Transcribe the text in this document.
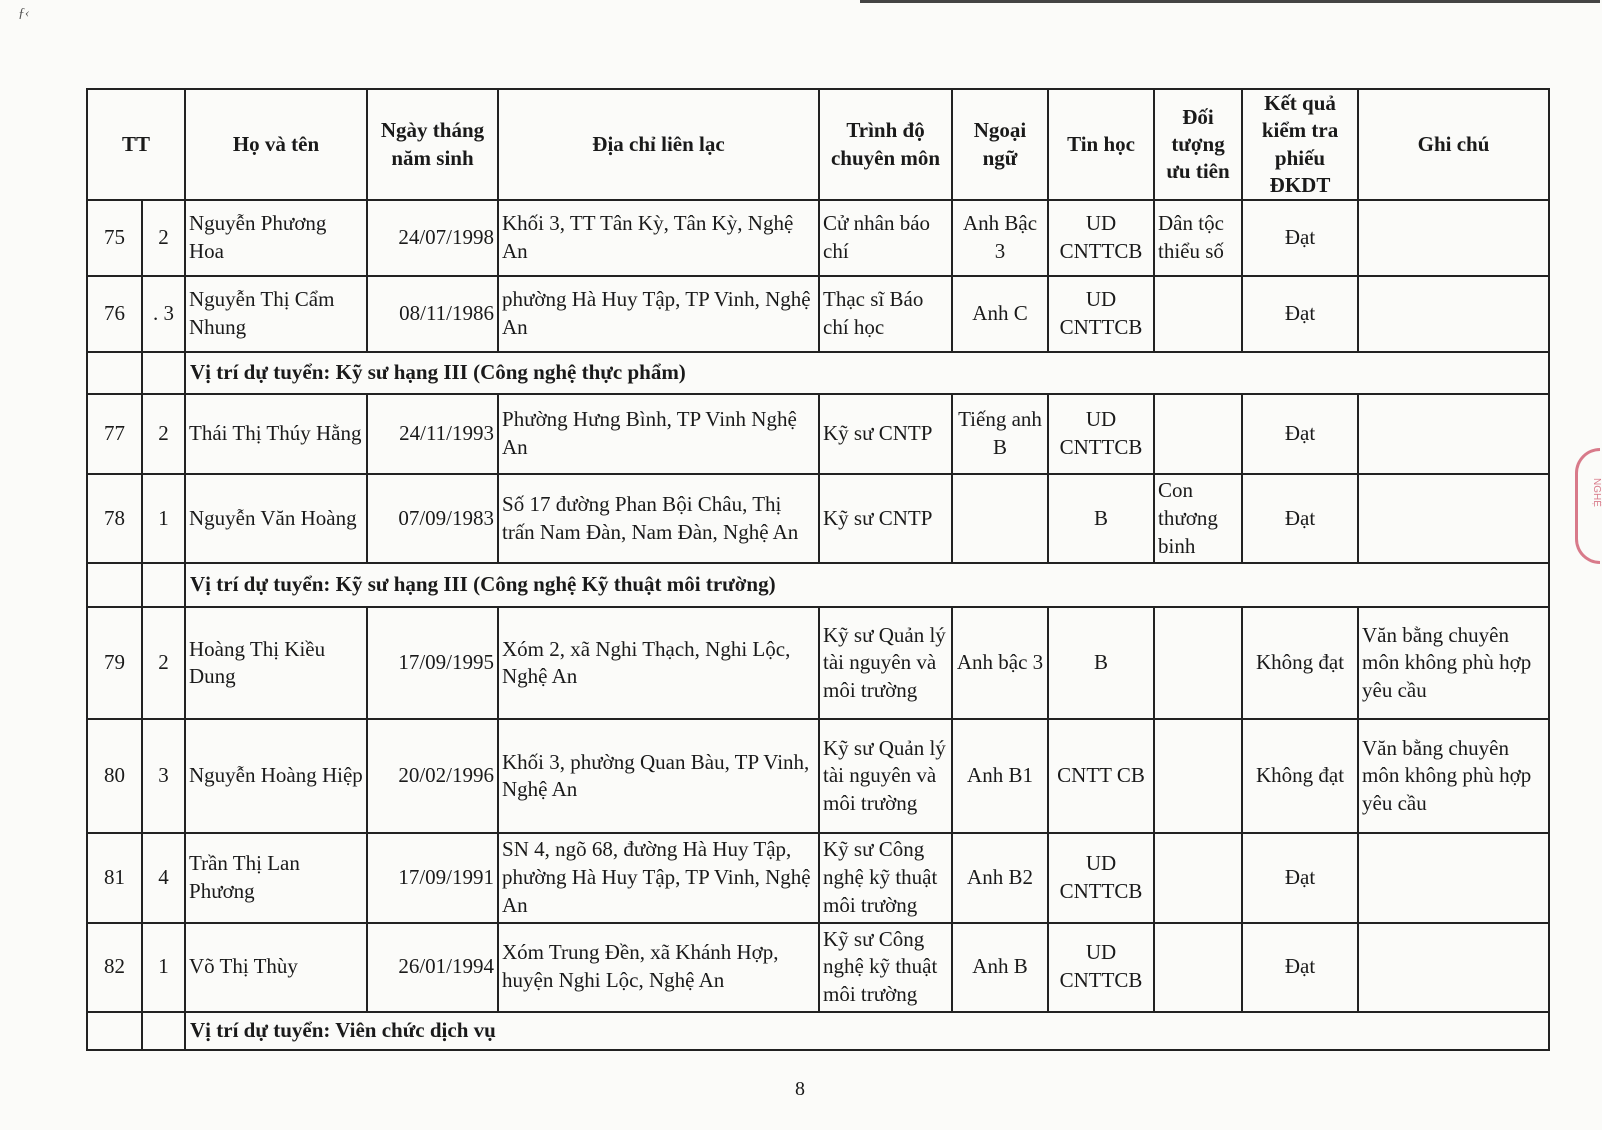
ƒ‹
NGHỆ
TT		Họ và tên	Ngày tháng năm sinh	Địa chỉ liên lạc	Trình độ chuyên môn	Ngoại ngữ	Tin học	Đối tượng ưu tiên	Kết quả kiểm tra phiếu ĐKDT	Ghi chú
75	2	Nguyễn Phương Hoa	24/07/1998	Khối 3, TT Tân Kỳ, Tân Kỳ, Nghệ An	Cử nhân báo chí	Anh Bậc 3	UD CNTTCB	Dân tộc thiểu số	Đạt	
76	. 3	Nguyễn Thị Cẩm Nhung	08/11/1986	phường Hà Huy Tập, TP Vinh, Nghệ An	Thạc sĩ Báo chí học	Anh C	UD CNTTCB		Đạt	
		Vị trí dự tuyển: Kỹ sư hạng III (Công nghệ thực phẩm)								
77	2	Thái Thị Thúy Hằng	24/11/1993	Phường Hưng Bình, TP Vinh Nghệ An	Kỹ sư CNTP	Tiếng anh B	UD CNTTCB		Đạt	
78	1	Nguyễn Văn Hoàng	07/09/1983	Số 17 đường Phan Bội Châu, Thị trấn Nam Đàn, Nam Đàn, Nghệ An	Kỹ sư CNTP		B	Con thương binh	Đạt	
		Vị trí dự tuyển: Kỹ sư hạng III (Công nghệ Kỹ thuật môi trường)								
79	2	Hoàng Thị Kiều Dung	17/09/1995	Xóm 2, xã Nghi Thạch, Nghi Lộc, Nghệ An	Kỹ sư Quản lý tài nguyên và môi trường	Anh bậc 3	B		Không đạt	Văn bằng chuyên môn không phù hợp yêu cầu
80	3	Nguyễn Hoàng Hiệp	20/02/1996	Khối 3, phường Quan Bàu, TP Vinh, Nghệ An	Kỹ sư Quản lý tài nguyên và môi trường	Anh B1	CNTT CB		Không đạt	Văn bằng chuyên môn không phù hợp yêu cầu
81	4	Trần Thị Lan Phương	17/09/1991	SN 4, ngõ 68, đường Hà Huy Tập, phường Hà Huy Tập, TP Vinh, Nghệ An	Kỹ sư Công nghệ kỹ thuật môi trường	Anh B2	UD CNTTCB		Đạt	
82	1	Võ Thị Thùy	26/01/1994	Xóm Trung Đền, xã Khánh Hợp, huyện Nghi Lộc, Nghệ An	Kỹ sư Công nghệ kỹ thuật môi trường	Anh B	UD CNTTCB		Đạt	
		Vị trí dự tuyển: Viên chức dịch vụ								
8
